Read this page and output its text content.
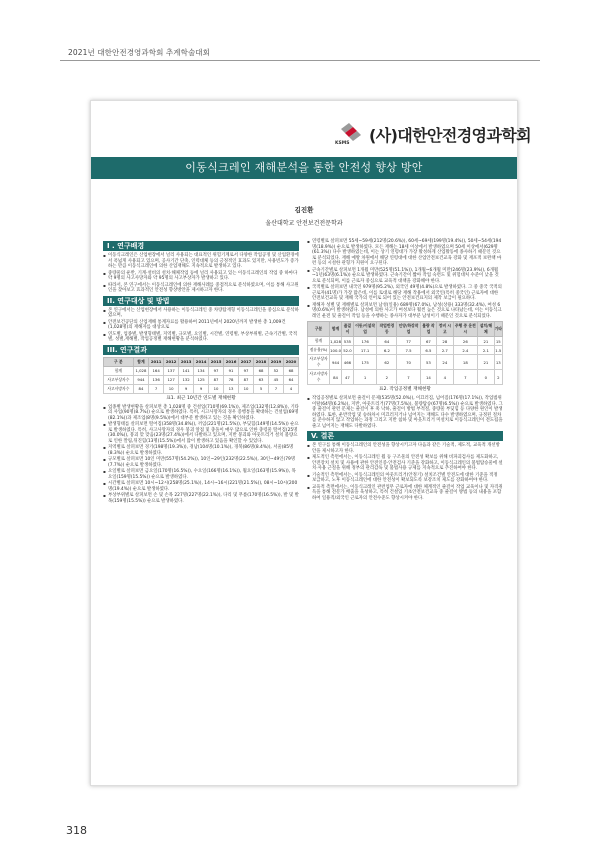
2021년 대한안전경영과학회 추계학술대회
KSMS (사)대한안전경영과학회
이동식크레인 재해분석을 통한 안전성 향상 방안
김진환
울산대학교 안전보건전문학과
I . 연구배경
▪ 이동식크레인은 산업현장에서 널리 사용되는 대표적인 위험기계로서 다양한 작업공정 및 산업환경에서 폭넓게 사용되고 있으며, 공사기간 단축, 인력대체 등의 긍정적인 효과도 있지만, 사용빈도가 증가하는 만큼 이동식크레인에 의한 산업재해도 지속적으로 발생하고 있다.
▪ 중량물의 운반, 기계·설비의 설치·해체작업 등에 널리 사용되고 있는 이동식크레인의 작업 중 하마다 약 9명의 사고사망자와 약 95명의 사고부상자가 발생하고 있다.
▪ 따라서, 본 연구에서는 이동식크레인에 의한 재해사례를 중점적으로 분석하였으며, 이를 통해 사고원인을 찾아보고 효과적인 안전성 향상방안을 제시하고자 한다.
II. 연구대상 및 방법
▪ 본 연구에서는 산업현장에서 사용하는 이동식크레인 중 차량탑재형 이동식크레인을 중심으로 분석하였으며,
▪ 안전보건공단의 산업재해 통계자료를 활용하여 2011년에서 2020년까지 발생한 총 1,009건(1,028명)의 재해자를 대상으로
▪ 연도별, 업종별, 발생형태별, 지역별, 규모별, 요일별, 시간별, 연령별, 부상부위별, 근속기간별, 국적별, 성별,재해별, 작업공정별 재해현황을 분석하였다.
III. 연구결과
구 분	합계	2011	2012	2013	2014	2015	2016	2017	2018	2019	2020
합계	1,028	164	137	141	134	97	91	97	68	52	68
사고부상자수	944	136	127	132	125	87	78	87	63	45	64
사고사망자수	84	7	10	9	9	10	13	10	5	7	4
표1. 최근 10년간 연도별 재해현황
▪ 업종별 발생현황을 살펴보면 총 1,028명 중 건설업(710명(69.1%)), 제조업(132명(12.8%)), 기타의 사업(90명(8.7%)) 순으로 발생하였다. 특히, 시고사망자의 경우 증행통을 확대하는 건설업(69명(82.1%))과 제조업(8명(9.5%))에서 대부분 발생하고 있는 것을 확인하였다.
▪ 발생형태를 살펴보면 떨어짐(358명(34.8%)), 끼임(221명(21.5%)), 부딪힘(149명(14.5%)) 순으로 발생하였다. 특히, 사고사망자의 경우 붕괴 앞접 및 충돌이 매우 많으로 인한 충령물 떨어짐(25명(30.0%)), 붕괴 맞 맞음(23명(27.4%))에서 다발하고 있으며, 지반 붕괴와 아웃트리거 설치 불량으로 인한 깔림,뒤진힘(13명(15.5%))에서 많이 발생하고 있음을 확인할 수 있었다.
▪ 지역별로 살펴보면 경기(198명(19.3%)), 경남(104명(10.1%)), 경북(86명(8.4%)), 서울(85명(8.3%)) 순으로 발생하였다.
▪ 규모별로 살펴보면 10인 미만(557명(54.2%)), 10인~29인(232명(22.5%)), 30인~49인(79명(7.7%)) 순으로 발생하였다.
▪ 요일별로 살펴보면 금요일(170명(16.5%)), 수요일(166명(16.1%)), 월요일(163명(15.9%)), 목요일(159명(15.5%)) 순으로 발생하였다.
▪ 시간별로 살펴보면 10시~12시(258명(25.1%)), 14시~16시(221명(21.5%)), 08시~10시(200명(19.4%)) 순으로 발생하였다.
▪ 부상부위별로 살펴보면 손 및 손목 227명(227명(22.1%)), 다리 및 무릎(170명(16.5%)), 발 및 발목(159명(15.5%)) 순으로 발생하였다.
▪ 연령별로 살펴보면 55세~59세(212명(20.6%)), 60세~69세(199명(19.4%)), 50세~54세(194명(18.9%)) 순으로 발생하였다. 모든 재해는 18세 이상에서 발생하였으며 50세 이상에서(629명(61.3%)) 다수 발생하였는데, 이는 상기 연령대가 가장 활성하게 산업활동에 종사하기 때문인 것으로 분석되었다. 재해 예방 차원에서 해당 연령대에 대한 산업안전보건교육 강화 및 재포적 보완책 마련 등의 시설한 관형가 지원이 요구된다.
▪ 근속기간별로 살펴보면 1개월 미만(525명(51.1%)), 1개월~6개월 미만(246명(23.9%)), 6개월~1년(63명(6.1%)) 순으로 발생하였다. 근속기간이 짧아 작업 숙련도 및 위험대처 수준이 낮을 것으로 분석되며, 이를 근로자 중심으로 교육적 대책을 강화해야 한다.
▪ 국적별로 살펴보면 내국인 979명(95.2%), 외국인 49명(4.8%)으로 발생하였다. 그 중 중국 국적의 근로자(41명)가 가장 많은데, 이를 토대로 해당 재해 작용에서 외국인(특히 중국인) 근로자에 대한 안전보건교육 및 재해 국가의 언어로 되어 있는 안전보건표지의 제작 보급이 필요하다.
▪ 재해자 성별 및 재해별로 살펴보면 남성(일용) 689명(67.0%), 남성(상용) 333명(32.4%), 여성 6명(0.6%)이 발생하였다. 남성에 의한 사고가 여성보다 훨씬 높은 것으로 나타났는데, 이는 이동식크레인 운전 및 줄걸이 작업 등을 수행하는 종사자가 대부분 남성이기 때문인 것으로 분석되었다.
구분	합계	줄걸이	이동/이설작업	작업반경 등	인양/하강작업	불량 작업	정비 시고	주행 중 운전시	설치/해체	기타
합계	1,028	535	176	64	77	67	28	26	21	15
점유율(%)	100.0	52.0	17.1	6.2	7.5	6.5	2.7	2.4	2.1	1.5
사고부상자수	944	466	175	62	70	53	24	18	21	13
사고사망자수	84	47	1	2	7	14	4	7	0	2
표2. 작업공정별 재해현황
▪ 작업공정별로 살펴보면 줄걸이 문제(535명(52.0%)), 이끄러짐, 넘어짐(176명(17.1%)), 작업범위 이탈(64명(6.2%)), 지반, 아웃트리거(77명(7.5%)), 불량탑승(67명(6.5%)) 순으로 발생하였다. 그 중 줄걸이 관련 문제는 줄걸이 후 훅 낙하, 줄걸이 방법 부적절, 중량물 부딪힘 등 다양한 원인이 발생하였다. 또한, 운반작업 및 승하차시 미끄러지거나 넘어지는 재해도 다수 발생하였으며, 규정된 절차를 준수하지 않고 작업하는 과정 그리고 지반 침하 및 아웃트리거 미설치로 이동식크레인이 전도됨을 줄고 넘어지는 재해도 다발하였다.
V. 결론
▪ 본 연구를 통해 이동식크레인의 안전성을 향상시키고자 다음과 같은 기술적, 제도적, 교육적 개선방안을 제시하고자 한다.
▪ 제도적인 측면에서는, 이동식크레인 월 등 구조물의 안전성 확보를 위해 비파괴검사를 제도화하고, 안전장치 설치 및 사용에 관한 안전인증·안전검사 기준을 강화하고, 이동식크레인의 불법탑승물에 설치·사용 근절을 위해 정부의 관리감독 및 불법사용 규제를 지속적으로 추진하여야 한다.
▪ 기술적인 측면에서는, 이동식크레인의 아웃트리거(안정기) 설치조건별 안전도에 대한 기준을 적정 보급하고, 노후 이동식크레인에 대한 안전성이 확보되도록 보강조치 제도를 강화하여야 한다.
▪ 교육적 측면에서는, 이동식크레인 관련업무 근로자에 대한 체계적인 줄걸이 작업 교육이나 및 자격취득을 통해 전문가 배출을 육성하고, 특히 건설업 기초안전보건교육 중 줄걸이 방법 등의 내용을 포함하여 일용직/외국인 근로자의 안전수준도 향상시켜야 한다.
318
